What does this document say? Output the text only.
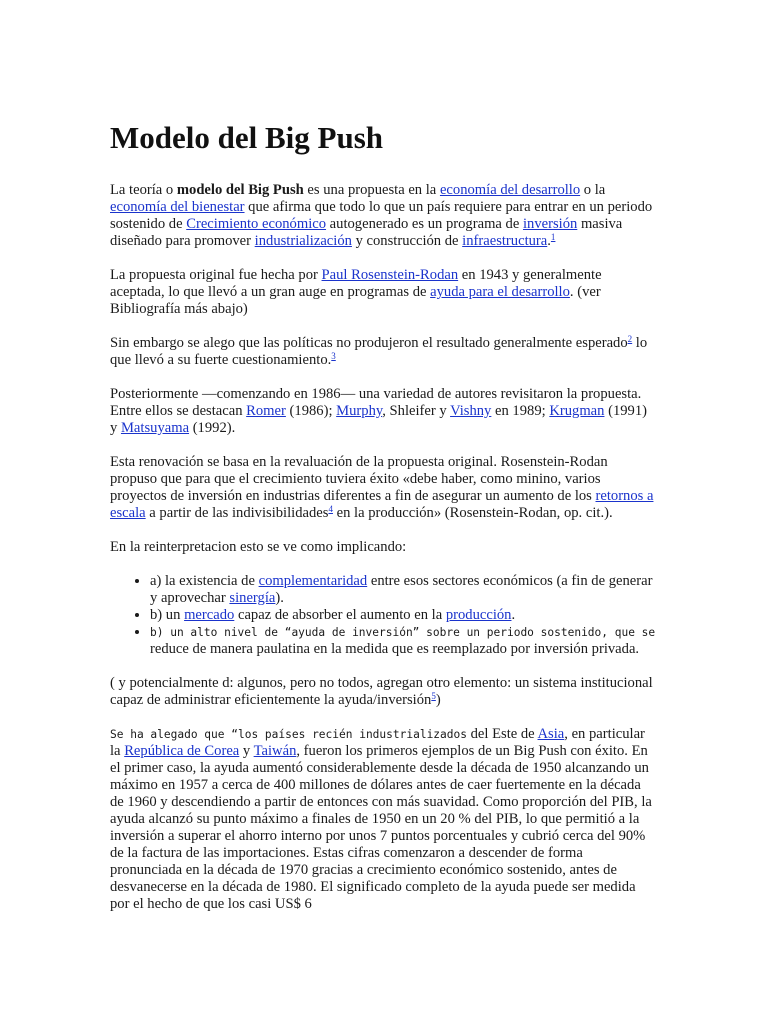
Modelo del Big Push

La teoría o modelo del Big Push es una propuesta en la economía del desarrollo o la economía del bienestar que afirma que todo lo que un país requiere para entrar en un periodo sostenido de Crecimiento económico autogenerado es un programa de inversión masiva diseñado para promover industrialización y construcción de infraestructura.$^1$

La propuesta original fue hecha por Paul Rosenstein-Rodan en 1943 y generalmente aceptada, lo que llevó a un gran auge en programas de ayuda para el desarrollo. (ver Bibliografía más abajo)

Sin embargo se alego que las políticas no produjeron el resultado generalmente esperado$^2$ lo que llevó a su fuerte cuestionamiento.$^3$

Posteriormente —comenzando en 1986— una variedad de autores revisitaron la propuesta. Entre ellos se destacan Romer (1986); Murphy, Shleifer y Vishny en 1989; Krugman (1991) y Matsuyama (1992).

Esta renovación se basa en la revaluación de la propuesta original. Rosenstein-Rodan propuso que para que el crecimiento tuviera éxito «debe haber, como minino, varios proyectos de inversión en industrias diferentes a fin de asegurar un aumento de los retornos a escala a partir de las indivisibilidades$^4$ en la producción» (Rosenstein-Rodan, op. cit.).

En la reinterpretacion esto se ve como implicando:

• a) la existencia de complementaridad entre esos sectores económicos (a fin de generar y aprovechar sinergía).
• b) un mercado capaz de absorber el aumento en la producción.
• b) un alto nivel de “ayuda de inversión” sobre un periodo sostenido, que se reduce de manera paulatina en la medida que es reemplazado por inversión privada.

( y potencialmente d: algunos, pero no todos, agregan otro elemento: un sistema institucional capaz de administrar eficientemente la ayuda/inversión$^5$)

Se ha alegado que “los países recién industrializados del Este de Asia, en particular la República de Corea y Taiwán, fueron los primeros ejemplos de un Big Push con éxito. En el primer caso, la ayuda aumentó considerablemente desde la década de 1950 alcanzando un máximo en 1957 a cerca de 400 millones de dólares antes de caer fuertemente en la década de 1960 y descendiendo a partir de entonces con más suavidad. Como proporción del PIB, la ayuda alcanzó su punto máximo a finales de 1950 en un 20 % del PIB, lo que permitió a la inversión a superar el ahorro interno por unos 7 puntos porcentuales y cubrió cerca del 90% de la factura de las importaciones. Estas cifras comenzaron a descender de forma pronunciada en la década de 1970 gracias a crecimiento económico sostenido, antes de desvanecerse en la década de 1980. El significado completo de la ayuda puede ser medida por el hecho de que los casi US$ 6
